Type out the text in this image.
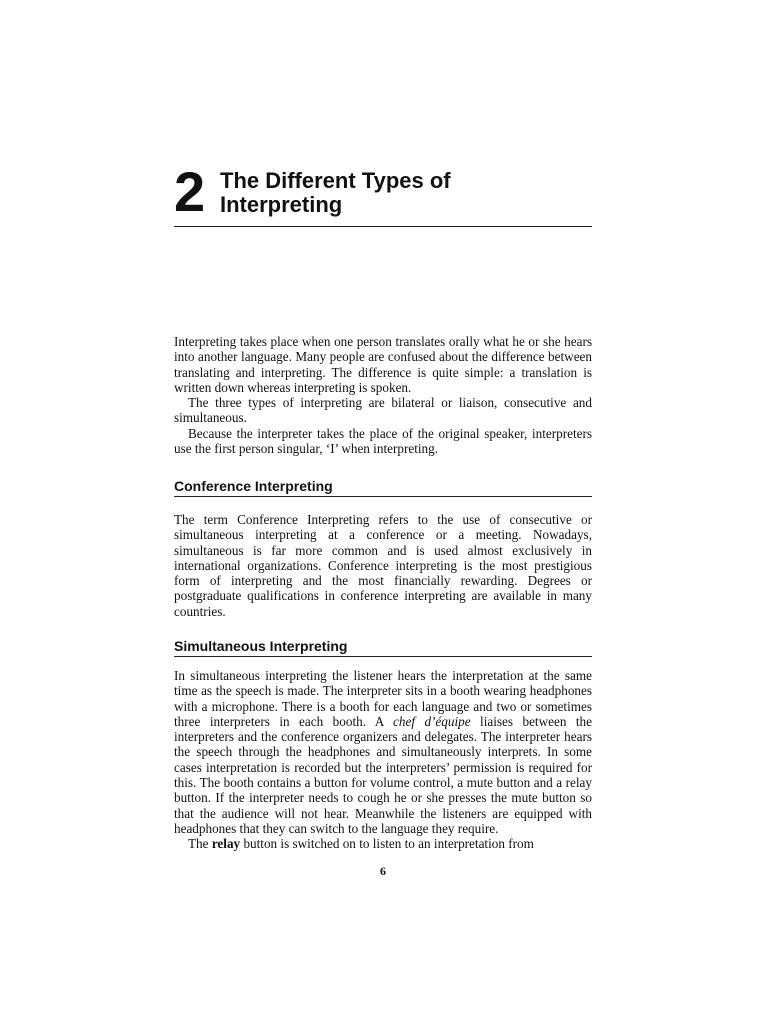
2 The Different Types of
Interpreting

Interpreting takes place when one person translates orally what he or she hears into another language. Many people are confused about the difference between translating and interpreting. The difference is quite simple: a translation is written down whereas interpreting is spoken.

The three types of interpreting are bilateral or liaison, consecutive and simultaneous.

Because the interpreter takes the place of the original speaker, interpreters use the first person singular, ‘I’ when interpreting.

Conference Interpreting

The term Conference Interpreting refers to the use of consecutive or simultaneous interpreting at a conference or a meeting. Nowadays, simultaneous is far more common and is used almost exclusively in international organizations. Conference interpreting is the most prestigious form of interpreting and the most financially rewarding. Degrees or postgraduate qualifications in conference interpreting are available in many countries.

Simultaneous Interpreting

In simultaneous interpreting the listener hears the interpretation at the same time as the speech is made. The interpreter sits in a booth wearing headphones with a microphone. There is a booth for each language and two or sometimes three interpreters in each booth. A chef d’équipe liaises between the interpreters and the conference organizers and delegates. The interpreter hears the speech through the headphones and simultaneously interprets. In some cases interpretation is recorded but the interpreters’ permission is required for this. The booth contains a button for volume control, a mute button and a relay button. If the interpreter needs to cough he or she presses the mute button so that the audience will not hear. Meanwhile the listeners are equipped with headphones that they can switch to the language they require.

The relay button is switched on to listen to an interpretation from

6
